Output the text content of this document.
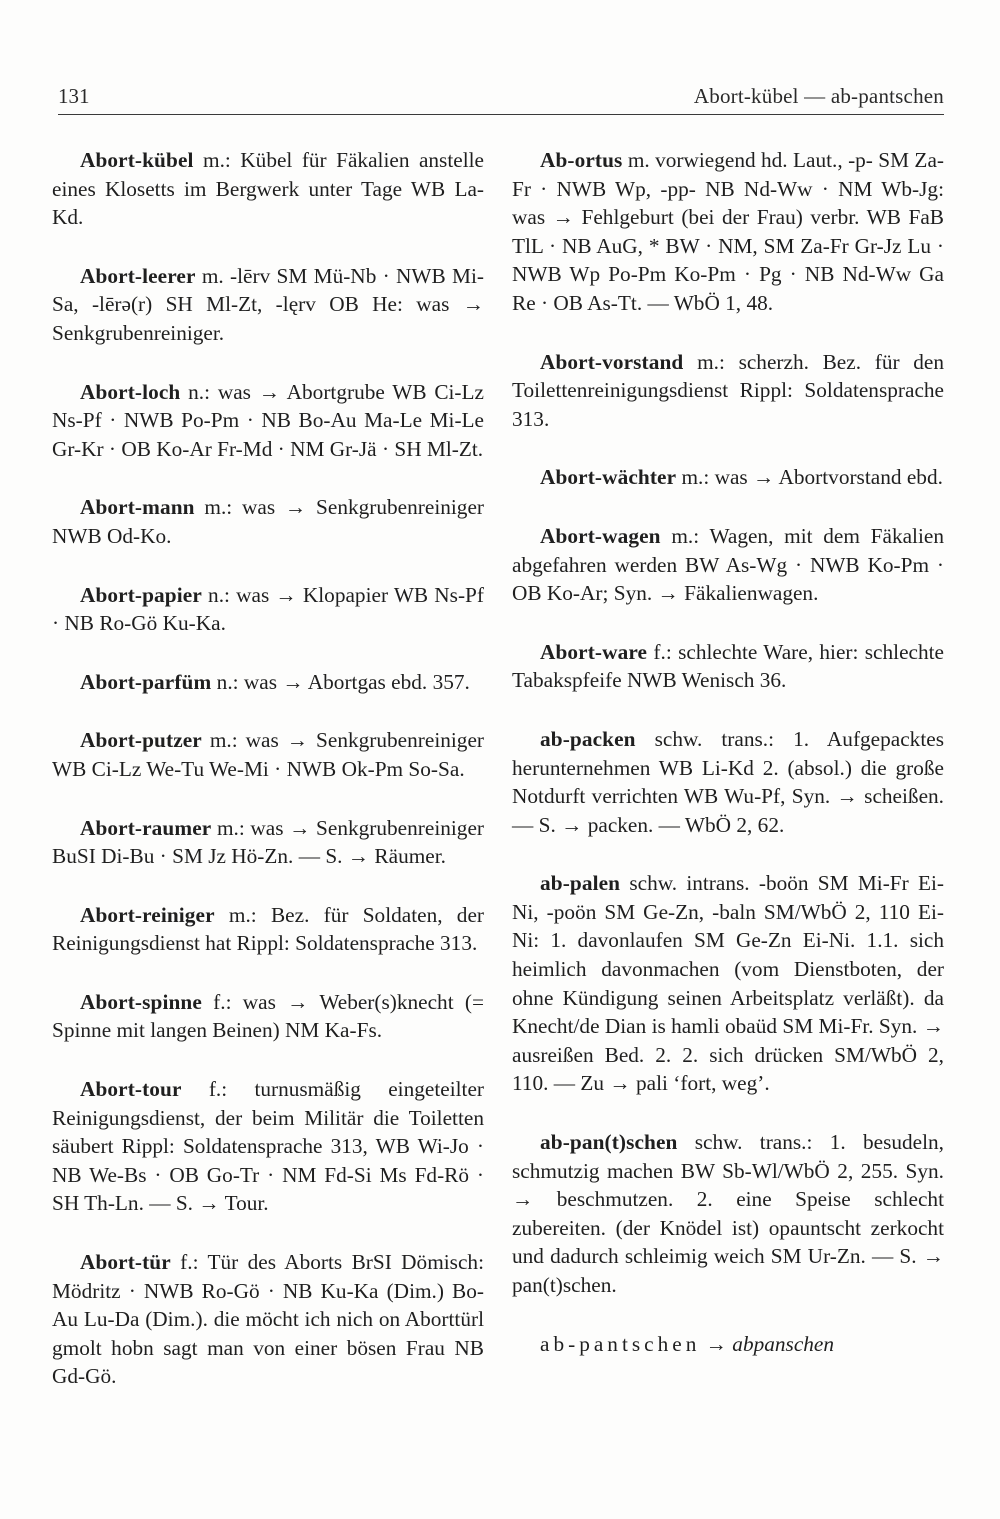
131	Abort-kübel — ab-pantschen

Abort-kübel m.: Kübel für Fäkalien anstelle eines Klosetts im Bergwerk unter Tage WB La-Kd.

Abort-leerer m. -lērv SM Mü-Nb · NWB Mi-Sa, -lērə(r) SH Ml-Zt, -lęrv OB He: was → Senkgrubenreiniger.

Abort-loch n.: was → Abortgrube WB Ci-Lz Ns-Pf · NWB Po-Pm · NB Bo-Au Ma-Le Mi-Le Gr-Kr · OB Ko-Ar Fr-Md · NM Gr-Jä · SH Ml-Zt.

Abort-mann m.: was → Senkgrubenreiniger NWB Od-Ko.

Abort-papier n.: was → Klopapier WB Ns-Pf · NB Ro-Gö Ku-Ka.

Abort-parfüm n.: was → Abortgas ebd. 357.

Abort-putzer m.: was → Senkgrubenreiniger WB Ci-Lz We-Tu We-Mi · NWB Ok-Pm So-Sa.

Abort-raumer m.: was → Senkgrubenreiniger BuSI Di-Bu · SM Jz Hö-Zn. — S. → Räumer.

Abort-reiniger m.: Bez. für Soldaten, der Reinigungsdienst hat Rippl: Soldatensprache 313.

Abort-spinne f.: was → Weber(s)knecht (= Spinne mit langen Beinen) NM Ka-Fs.

Abort-tour f.: turnusmäßig eingeteilter Reinigungsdienst, der beim Militär die Toiletten säubert Rippl: Soldatensprache 313, WB Wi-Jo · NB We-Bs · OB Go-Tr · NM Fd-Si Ms Fd-Rö · SH Th-Ln. — S. → Tour.

Abort-tür f.: Tür des Aborts BrSI Dömisch: Mödritz · NWB Ro-Gö · NB Ku-Ka (Dim.) Bo-Au Lu-Da (Dim.). die möcht ich nich on Aborttürl gmolt hobn sagt man von einer bösen Frau NB Gd-Gö.

Ab-ortus m. vorwiegend hd. Laut., -p- SM Za-Fr · NWB Wp, -pp- NB Nd-Ww · NM Wb-Jg: was → Fehlgeburt (bei der Frau) verbr. WB FaB TlL · NB AuG, * BW · NM, SM Za-Fr Gr-Jz Lu · NWB Wp Po-Pm Ko-Pm · Pg · NB Nd-Ww Ga Re · OB As-Tt. — WbÖ 1, 48.

Abort-vorstand m.: scherzh. Bez. für den Toilettenreinigungsdienst Rippl: Soldatensprache 313.

Abort-wächter m.: was → Abortvorstand ebd.

Abort-wagen m.: Wagen, mit dem Fäkalien abgefahren werden BW As-Wg · NWB Ko-Pm · OB Ko-Ar; Syn. → Fäkalienwagen.

Abort-ware f.: schlechte Ware, hier: schlechte Tabakspfeife NWB Wenisch 36.

ab-packen schw. trans.: 1. Aufgepacktes herunternehmen WB Li-Kd 2. (absol.) die große Notdurft verrichten WB Wu-Pf, Syn. → scheißen. — S. → packen. — WbÖ 2, 62.

ab-palen schw. intrans. -boön SM Mi-Fr Ei-Ni, -poön SM Ge-Zn, -baln SM/WbÖ 2, 110 Ei-Ni: 1. davonlaufen SM Ge-Zn Ei-Ni. 1.1. sich heimlich davonmachen (vom Dienstboten, der ohne Kündigung seinen Arbeitsplatz verläßt). da Knecht/de Dian is hamli obaüd SM Mi-Fr. Syn. → ausreißen Bed. 2. 2. sich drücken SM/WbÖ 2, 110. — Zu → pali ‘fort, weg’.

ab-pan(t)schen schw. trans.: 1. besudeln, schmutzig machen BW Sb-Wl/WbÖ 2, 255. Syn. → beschmutzen. 2. eine Speise schlecht zubereiten. (der Knödel ist) opauntscht zerkocht und dadurch schleimig weich SM Ur-Zn. — S. → pan(t)schen.

ab-pantschen → abpanschen
